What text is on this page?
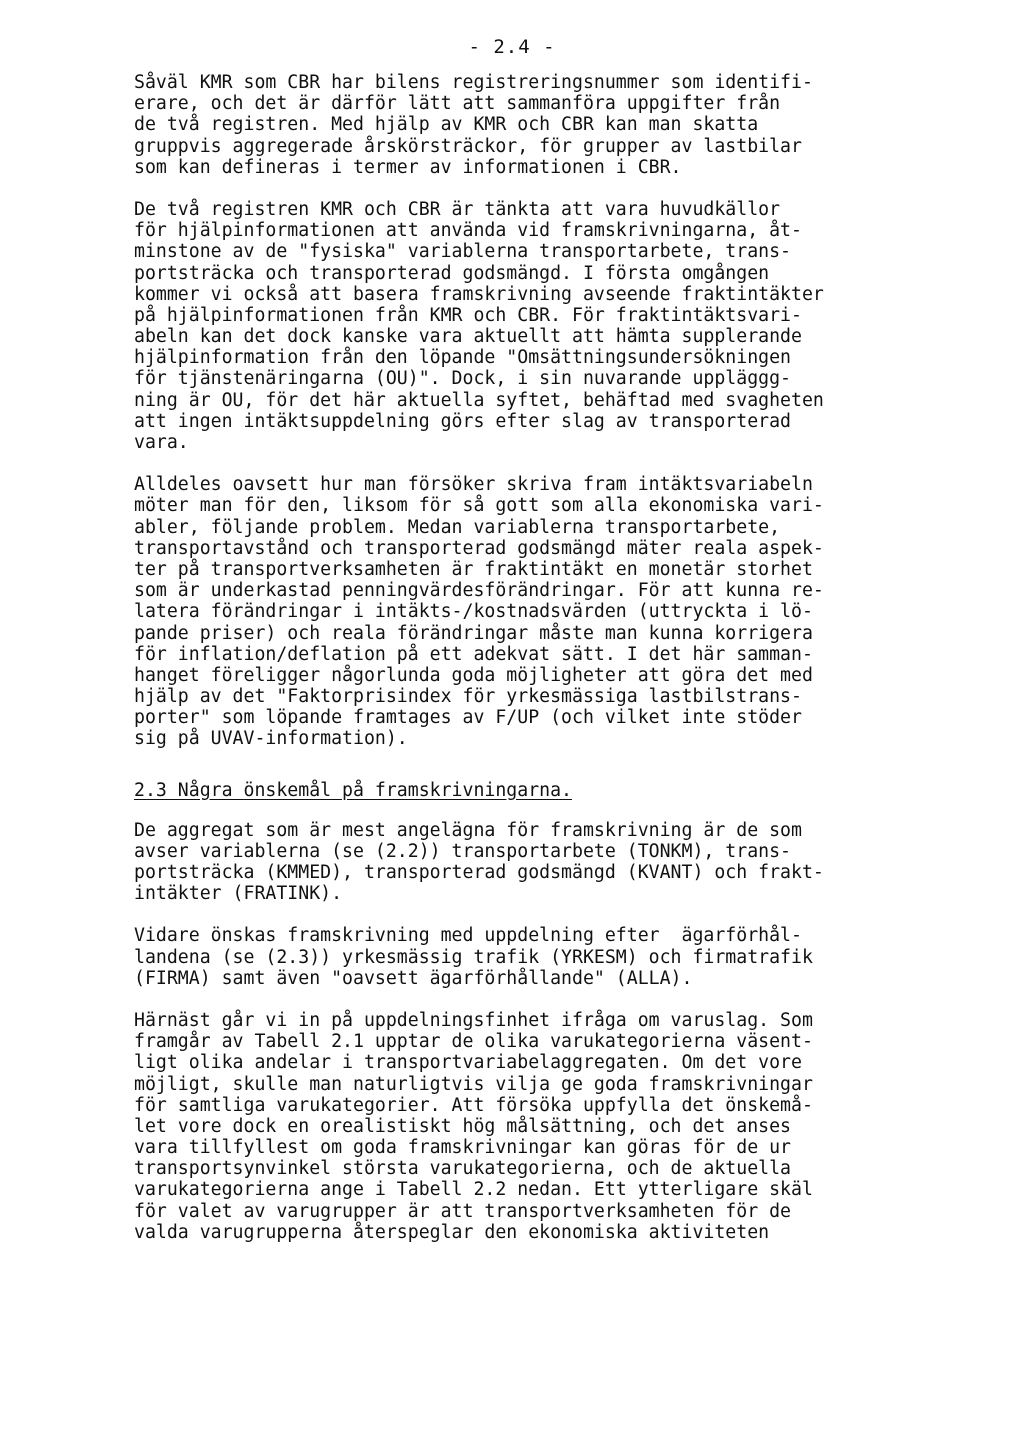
- 2.4 -
Såväl KMR som CBR har bilens registreringsnummer som identifi-
erare, och det är därför lätt att sammanföra uppgifter från
de två registren. Med hjälp av KMR och CBR kan man skatta
gruppvis aggregerade årskörsträckor, för grupper av lastbilar
som kan defineras i termer av informationen i CBR.
De två registren KMR och CBR är tänkta att vara huvudkällor
för hjälpinformationen att använda vid framskrivningarna, åt-
minstone av de "fysiska" variablerna transportarbete, trans-
portsträcka och transporterad godsmängd. I första omgången
kommer vi också att basera framskrivning avseende fraktintäkter
på hjälpinformationen från KMR och CBR. För fraktintäktsvari-
abeln kan det dock kanske vara aktuellt att hämta supplerande
hjälpinformation från den löpande "Omsättningsundersökningen
för tjänstenäringarna (OU)". Dock, i sin nuvarande uppläggg-
ning är OU, för det här aktuella syftet, behäftad med svagheten
att ingen intäktsuppdelning görs efter slag av transporterad
vara.
Alldeles oavsett hur man försöker skriva fram intäktsvariabeln
möter man för den, liksom för så gott som alla ekonomiska vari-
abler, följande problem. Medan variablerna transportarbete,
transportavstånd och transporterad godsmängd mäter reala aspek-
ter på transportverksamheten är fraktintäkt en monetär storhet
som är underkastad penningvärdesförändringar. För att kunna re-
latera förändringar i intäkts-/kostnadsvärden (uttryckta i lö-
pande priser) och reala förändringar måste man kunna korrigera
för inflation/deflation på ett adekvat sätt. I det här samman-
hanget föreligger någorlunda goda möjligheter att göra det med
hjälp av det "Faktorprisindex för yrkesmässiga lastbilstrans-
porter" som löpande framtages av F/UP (och vilket inte stöder
sig på UVAV-information).
2.3 Några önskemål på framskrivningarna.
De aggregat som är mest angelägna för framskrivning är de som
avser variablerna (se (2.2)) transportarbete (TONKM), trans-
portsträcka (KMMED), transporterad godsmängd (KVANT) och frakt-
intäkter (FRATINK).
Vidare önskas framskrivning med uppdelning efter  ägarförhål-
landena (se (2.3)) yrkesmässig trafik (YRKESM) och firmatrafik
(FIRMA) samt även "oavsett ägarförhållande" (ALLA).
Härnäst går vi in på uppdelningsfinhet ifråga om varuslag. Som
framgår av Tabell 2.1 upptar de olika varukategorierna väsent-
ligt olika andelar i transportvariabelaggregaten. Om det vore
möjligt, skulle man naturligtvis vilja ge goda framskrivningar
för samtliga varukategorier. Att försöka uppfylla det önskemå-
let vore dock en orealistiskt hög målsättning, och det anses
vara tillfyllest om goda framskrivningar kan göras för de ur
transportsynvinkel största varukategorierna, och de aktuella
varukategorierna ange i Tabell 2.2 nedan. Ett ytterligare skäl
för valet av varugrupper är att transportverksamheten för de
valda varugrupperna återspeglar den ekonomiska aktiviteten
